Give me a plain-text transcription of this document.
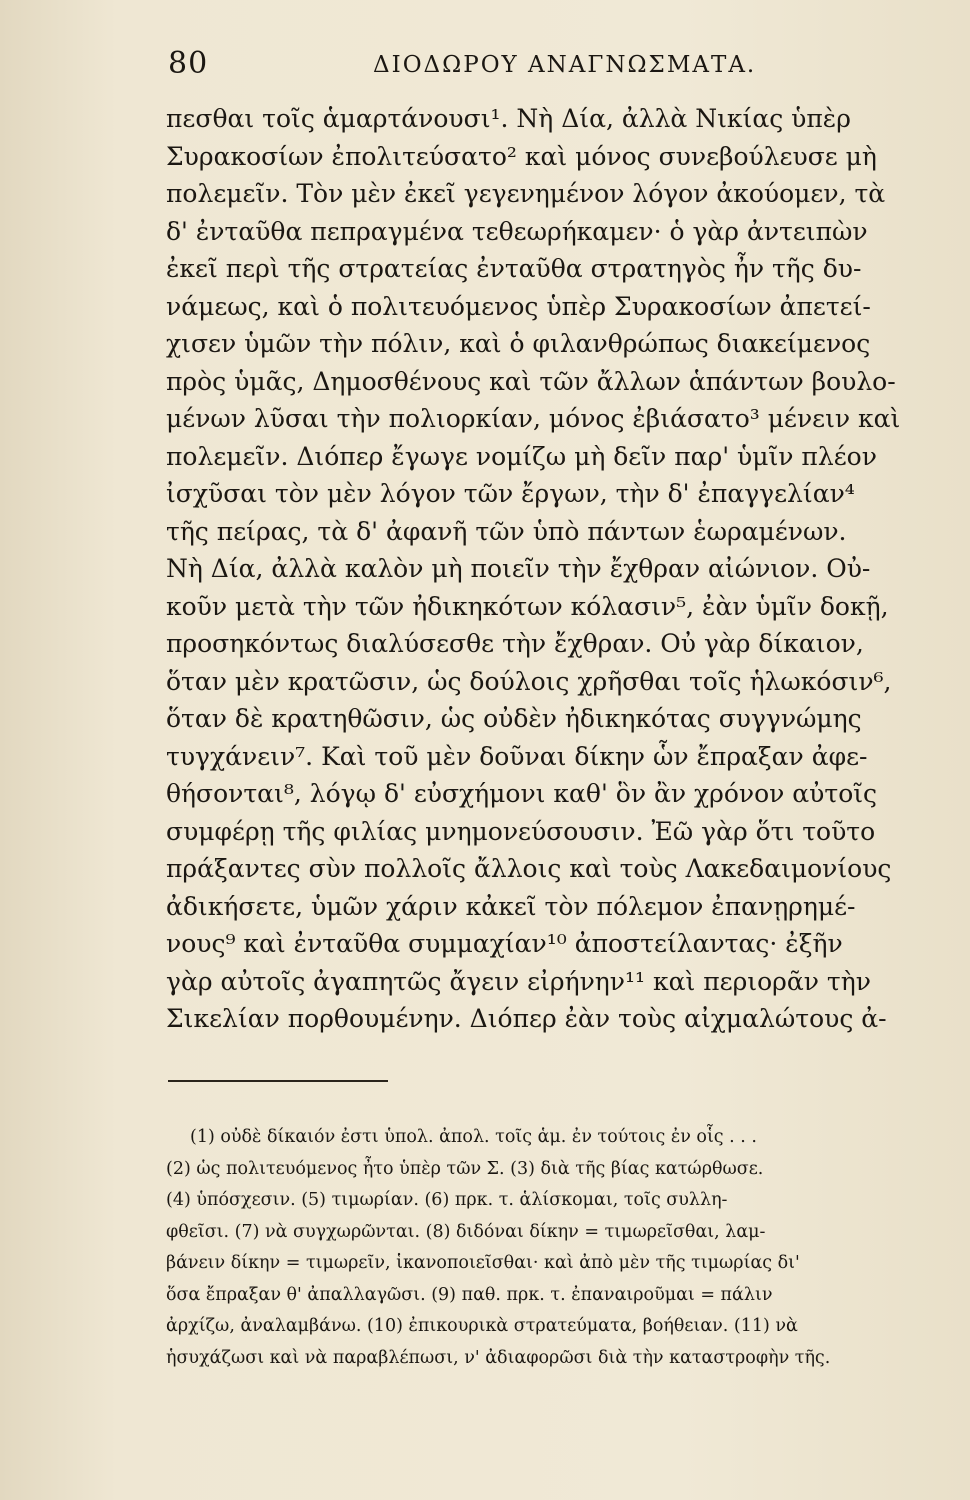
80	ΔΙΟΔΩΡΟΥ ΑΝΑΓΝΩΣΜΑΤΑ.
πεσθαι τοῖς ἁμαρτάνουσι¹. Νὴ Δία, ἀλλὰ Νικίας ὑπὲρ
Συρακοσίων ἐπολιτεύσατο² καὶ μόνος συνεβούλευσε μὴ
πολεμεῖν. Τὸν μὲν ἐκεῖ γεγενημένον λόγον ἀκούομεν, τὰ
δ' ἐνταῦθα πεπραγμένα τεθεωρήκαμεν· ὁ γὰρ ἀντειπὼν
ἐκεῖ περὶ τῆς στρατείας ἐνταῦθα στρατηγὸς ἦν τῆς δυ-
νάμεως, καὶ ὁ πολιτευόμενος ὑπὲρ Συρακοσίων ἀπετεί-
χισεν ὑμῶν τὴν πόλιν, καὶ ὁ φιλανθρώπως διακείμενος
πρὸς ὑμᾶς, Δημοσθένους καὶ τῶν ἄλλων ἁπάντων βουλο-
μένων λῦσαι τὴν πολιορκίαν, μόνος ἐβιάσατο³ μένειν καὶ
πολεμεῖν. Διόπερ ἔγωγε νομίζω μὴ δεῖν παρ' ὑμῖν πλέον
ἰσχῦσαι τὸν μὲν λόγον τῶν ἔργων, τὴν δ' ἐπαγγελίαν⁴
τῆς πείρας, τὰ δ' ἀφανῆ τῶν ὑπὸ πάντων ἑωραμένων.
Νὴ Δία, ἀλλὰ καλὸν μὴ ποιεῖν τὴν ἔχθραν αἰώνιον. Οὐ-
κοῦν μετὰ τὴν τῶν ἠδικηκότων κόλασιν⁵, ἐὰν ὑμῖν δοκῇ,
προσηκόντως διαλύσεσθε τὴν ἔχθραν. Οὐ γὰρ δίκαιον,
ὅταν μὲν κρατῶσιν, ὡς δούλοις χρῆσθαι τοῖς ἡλωκόσιν⁶,
ὅταν δὲ κρατηθῶσιν, ὡς οὐδὲν ἠδικηκότας συγγνώμης
τυγχάνειν⁷. Καὶ τοῦ μὲν δοῦναι δίκην ὧν ἔπραξαν ἀφε-
θήσονται⁸, λόγῳ δ' εὐσχήμονι καθ' ὃν ἂν χρόνον αὐτοῖς
συμφέρῃ τῆς φιλίας μνημονεύσουσιν. Ἐῶ γὰρ ὅτι τοῦτο
πράξαντες σὺν πολλοῖς ἄλλοις καὶ τοὺς Λακεδαιμονίους
ἀδικήσετε, ὑμῶν χάριν κἀκεῖ τὸν πόλεμον ἐπανῃρημέ-
νους⁹ καὶ ἐνταῦθα συμμαχίαν¹⁰ ἀποστείλαντας· ἐξῆν
γὰρ αὐτοῖς ἀγαπητῶς ἄγειν εἰρήνην¹¹ καὶ περιορᾶν τὴν
Σικελίαν πορθουμένην. Διόπερ ἐὰν τοὺς αἰχμαλώτους ἀ-
(1) οὐδὲ δίκαιόν ἐστι ὑπολ. ἀπολ. τοῖς ἁμ. ἐν τούτοις ἐν οἷς . . .
(2) ὡς πολιτευόμενος ἦτο ὑπὲρ τῶν Σ. (3) διὰ τῆς βίας κατώρθωσε.
(4) ὑπόσχεσιν. (5) τιμωρίαν. (6) πρκ. τ. ἁλίσκομαι, τοῖς συλλη-
φθεῖσι. (7) νὰ συγχωρῶνται. (8) διδόναι δίκην = τιμωρεῖσθαι, λαμ-
βάνειν δίκην = τιμωρεῖν, ἱκανοποιεῖσθαι· καὶ ἀπὸ μὲν τῆς τιμωρίας δι'
ὅσα ἔπραξαν θ' ἀπαλλαγῶσι. (9) παθ. πρκ. τ. ἐπαναιροῦμαι = πάλιν
ἀρχίζω, ἀναλαμβάνω. (10) ἐπικουρικὰ στρατεύματα, βοήθειαν. (11) νὰ
ἡσυχάζωσι καὶ νὰ παραβλέπωσι, ν' ἀδιαφορῶσι διὰ τὴν καταστροφὴν τῆς.
